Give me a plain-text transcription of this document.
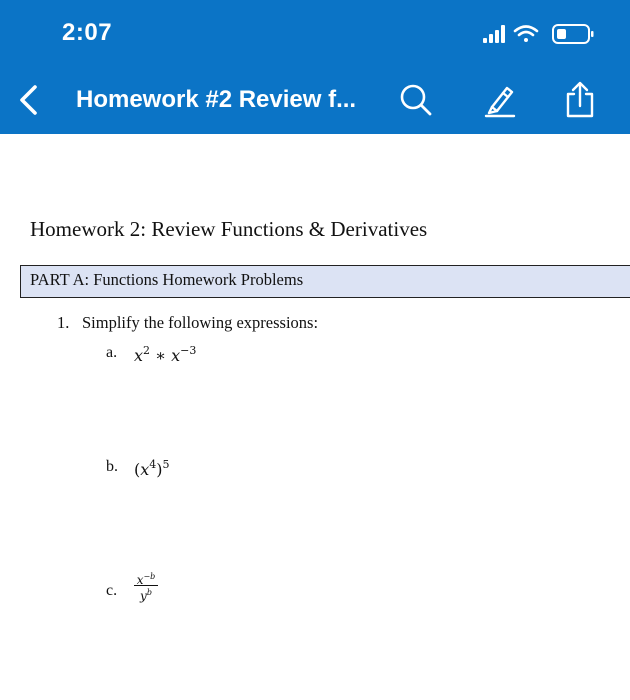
2:07
Homework #2 Review f...
Homework 2: Review Functions & Derivatives
PART A: Functions Homework Problems
1. Simplify the following expressions:
a. $x^2$ ∗ $x^{-3}$
b. $(x^4)^5$
c.
$x^{-b}$
$y^b$
